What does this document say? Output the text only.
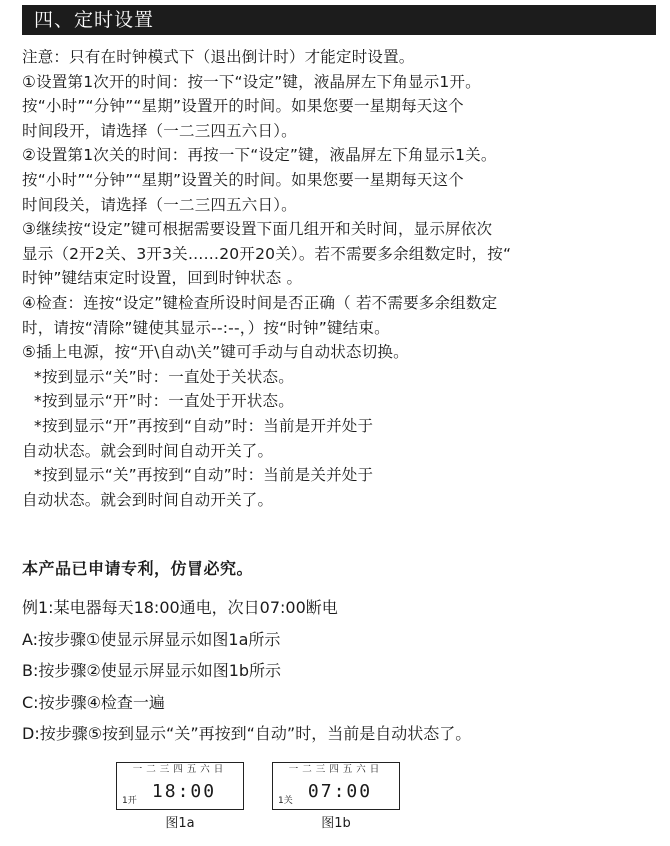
四、定时设置
注意：只有在时钟模式下（退出倒计时）才能定时设置。
①设置第1次开的时间：按一下“设定”键，液晶屏左下角显示1开。
按“小时”“分钟”“星期”设置开的时间。如果您要一星期每天这个
时间段开，请选择（一二三四五六日）。
②设置第1次关的时间：再按一下“设定”键，液晶屏左下角显示1关。
按“小时”“分钟”“星期”设置关的时间。如果您要一星期每天这个
时间段关，请选择（一二三四五六日）。
③继续按“设定”键可根据需要设置下面几组开和关时间，显示屏依次
显示（2开2关、3开3关……20开20关）。若不需要多余组数定时，按“
时钟”键结束定时设置，回到时钟状态 。
④检查：连按“设定”键检查所设时间是否正确（ 若不需要多余组数定
时，请按“清除”键使其显示--:--，）按“时钟”键结束。
⑤插上电源，按“开\自动\关”键可手动与自动状态切换。
*按到显示“关”时：一直处于关状态。
*按到显示“开”时：一直处于开状态。
*按到显示“开”再按到“自动”时：当前是开并处于
自动状态。就会到时间自动开关了。
*按到显示“关”再按到“自动”时：当前是关并处于
自动状态。就会到时间自动开关了。
本产品已申请专利，仿冒必究。
例1:某电器每天18:00通电，次日07:00断电
A:按步骤①使显示屏显示如图1a所示
B:按步骤②使显示屏显示如图1b所示
C:按步骤④检查一遍
D:按步骤⑤按到显示“关”再按到“自动”时，当前是自动状态了。
一二三四五六日
1开 18:00
图1a
一二三四五六日
1关 07:00
图1b
